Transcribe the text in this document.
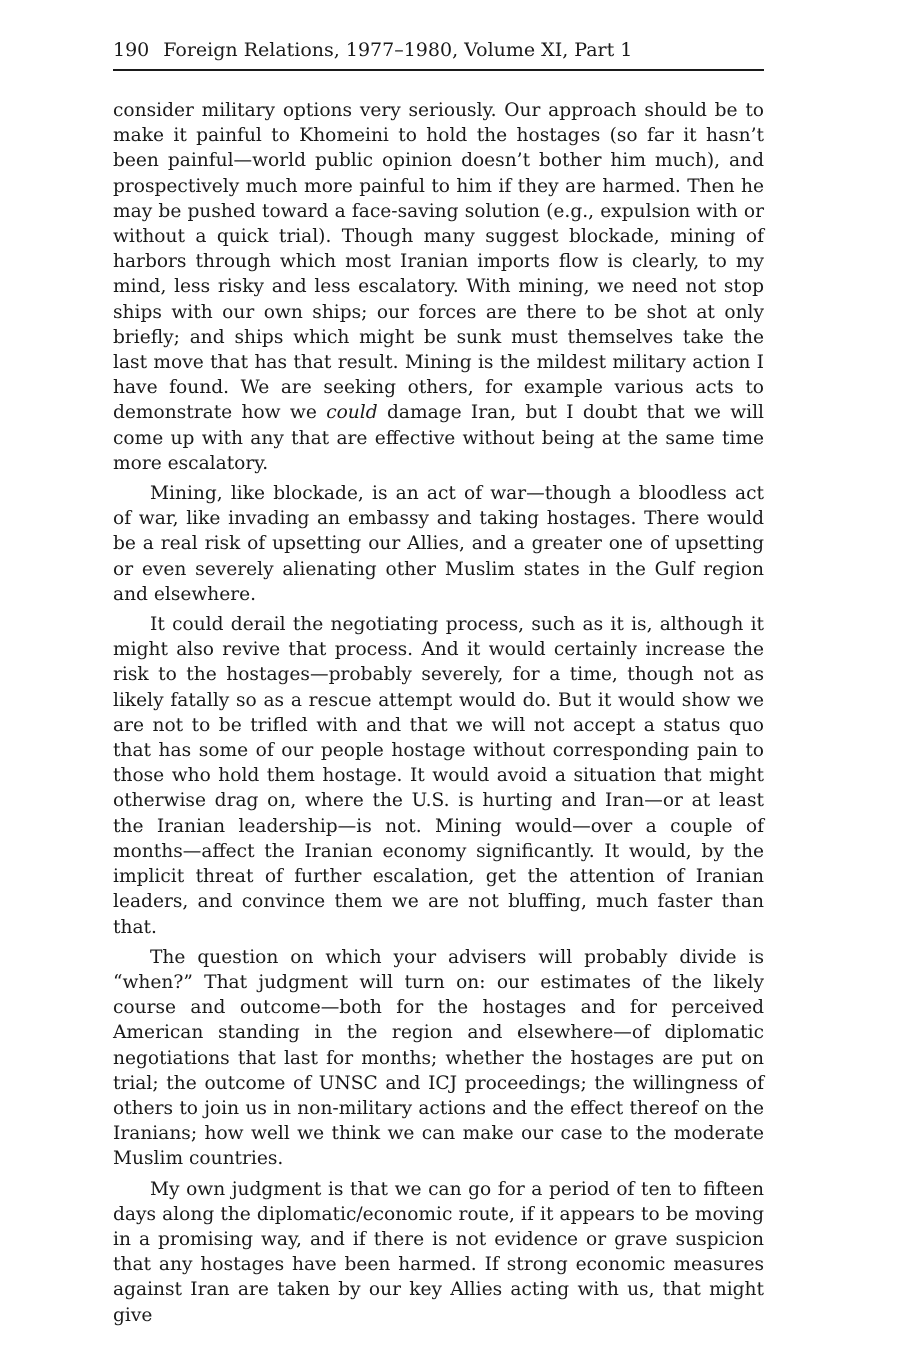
190 Foreign Relations, 1977–1980, Volume XI, Part 1

consider military options very seriously. Our approach should be to make it painful to Khomeini to hold the hostages (so far it hasn’t been painful—world public opinion doesn’t bother him much), and prospectively much more painful to him if they are harmed. Then he may be pushed toward a face-saving solution (e.g., expulsion with or without a quick trial). Though many suggest blockade, mining of harbors through which most Iranian imports flow is clearly, to my mind, less risky and less escalatory. With mining, we need not stop ships with our own ships; our forces are there to be shot at only briefly; and ships which might be sunk must themselves take the last move that has that result. Mining is the mildest military action I have found. We are seeking others, for example various acts to demonstrate how we could damage Iran, but I doubt that we will come up with any that are effective without being at the same time more escalatory.

Mining, like blockade, is an act of war—though a bloodless act of war, like invading an embassy and taking hostages. There would be a real risk of upsetting our Allies, and a greater one of upsetting or even severely alienating other Muslim states in the Gulf region and elsewhere.

It could derail the negotiating process, such as it is, although it might also revive that process. And it would certainly increase the risk to the hostages—probably severely, for a time, though not as likely fatally so as a rescue attempt would do. But it would show we are not to be trifled with and that we will not accept a status quo that has some of our people hostage without corresponding pain to those who hold them hostage. It would avoid a situation that might otherwise drag on, where the U.S. is hurting and Iran—or at least the Iranian leadership—is not. Mining would—over a couple of months—affect the Iranian economy significantly. It would, by the implicit threat of further escalation, get the attention of Iranian leaders, and convince them we are not bluffing, much faster than that.

The question on which your advisers will probably divide is “when?” That judgment will turn on: our estimates of the likely course and outcome—both for the hostages and for perceived American standing in the region and elsewhere—of diplomatic negotiations that last for months; whether the hostages are put on trial; the outcome of UNSC and ICJ proceedings; the willingness of others to join us in non-military actions and the effect thereof on the Iranians; how well we think we can make our case to the moderate Muslim countries.

My own judgment is that we can go for a period of ten to fifteen days along the diplomatic/economic route, if it appears to be moving in a promising way, and if there is not evidence or grave suspicion that any hostages have been harmed. If strong economic measures against Iran are taken by our key Allies acting with us, that might give
